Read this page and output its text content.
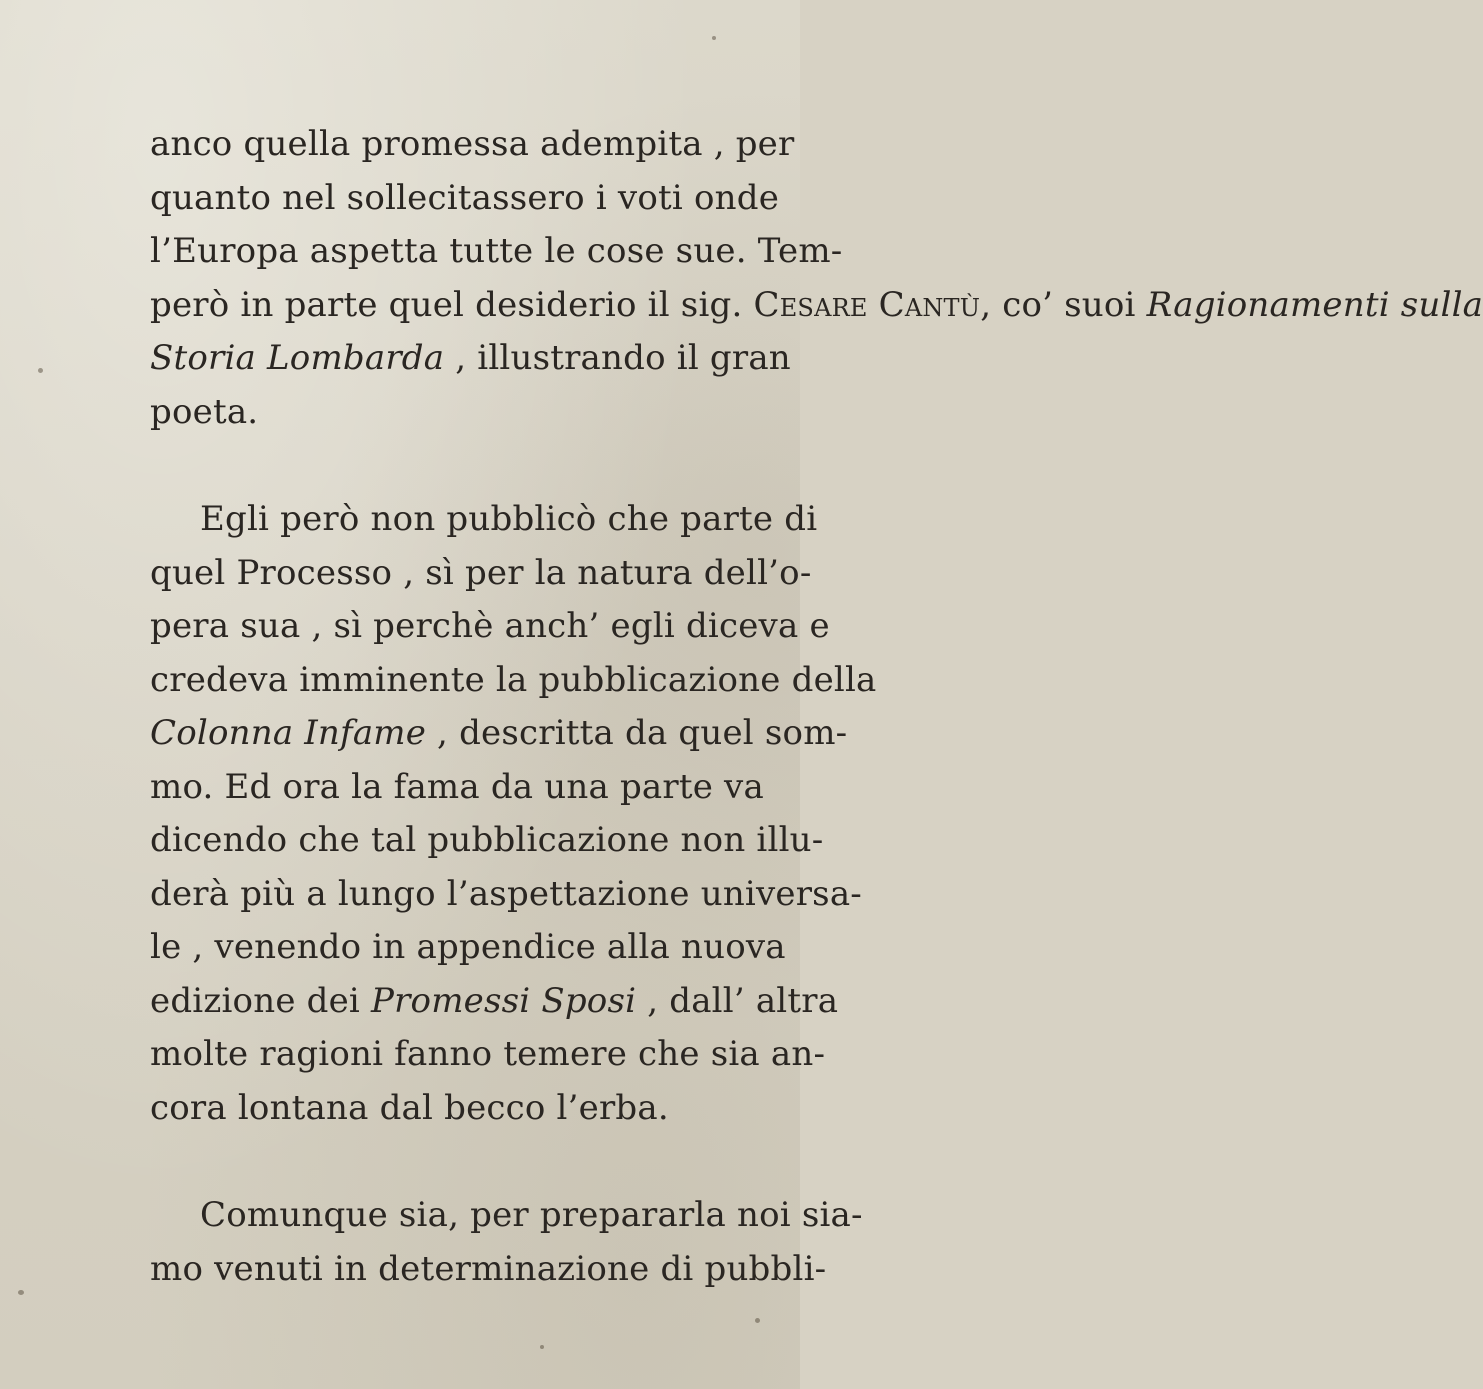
anco quella promessa adempita , per
quanto nel sollecitassero i voti onde
l’Europa aspetta tutte le cose sue. Tem-
però in parte quel desiderio il sig. Cesare Cantù, co’ suoi Ragionamenti sulla
Storia Lombarda , illustrando il gran
poeta.
Egli però non pubblicò che parte di
quel Processo , sì per la natura dell’o-
pera sua , sì perchè anch’ egli diceva e
credeva imminente la pubblicazione della
Colonna Infame , descritta da quel som-
mo. Ed ora la fama da una parte va
dicendo che tal pubblicazione non illu-
derà più a lungo l’aspettazione universa-
le , venendo in appendice alla nuova
edizione dei Promessi Sposi , dall’ altra
molte ragioni fanno temere che sia an-
cora lontana dal becco l’erba.
Comunque sia, per prepararla noi sia-
mo venuti in determinazione di pubbli-
